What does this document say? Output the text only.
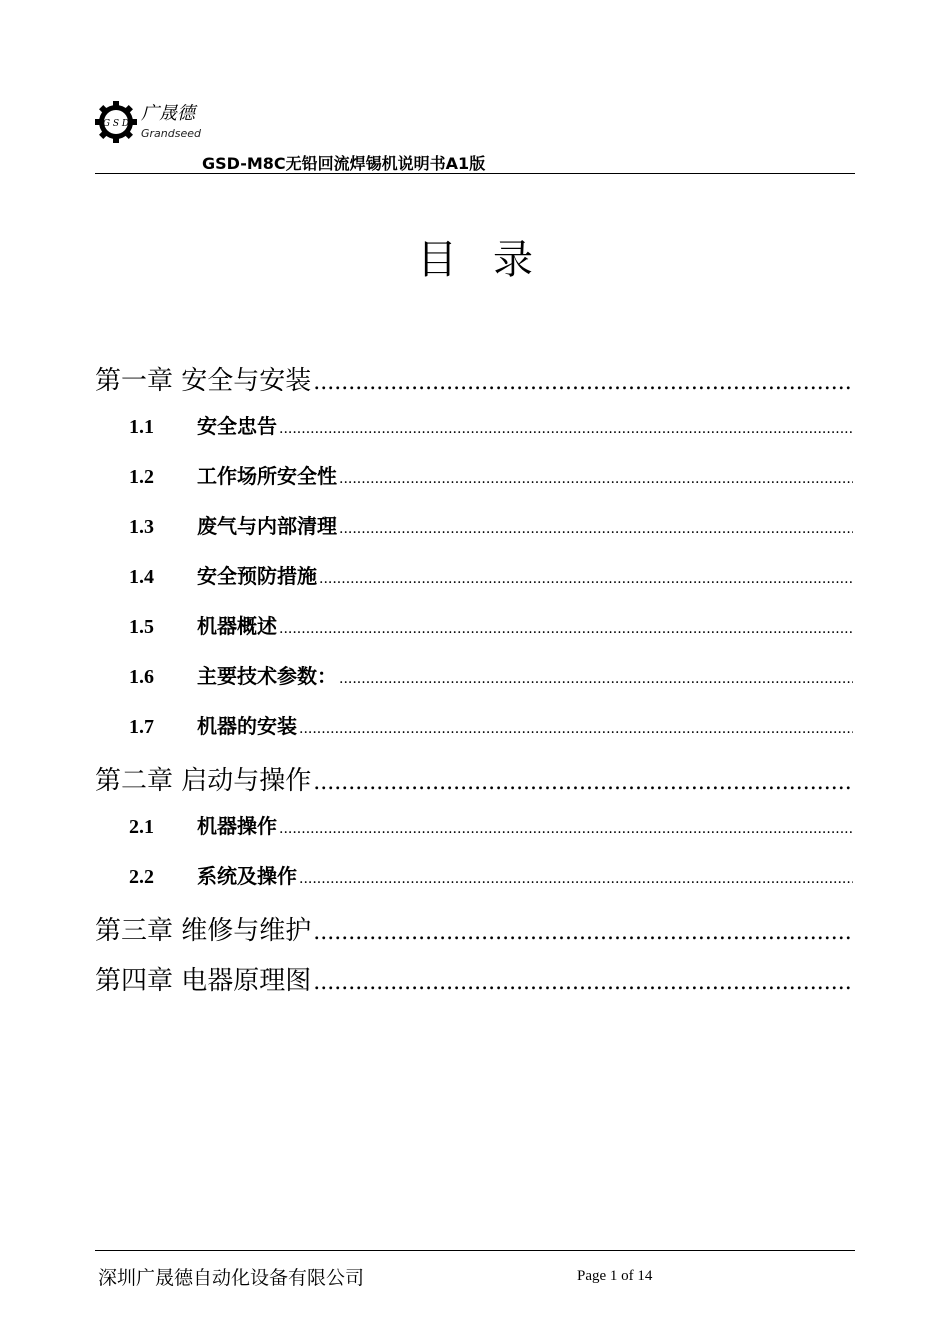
G S D 广晟德
Grandseed
GSD-M8C无铅回流焊锡机说明书A1版
目录
第一章 安全与安装
.....
1.1	安全忠告
.....
1.2	工作场所安全性
.....
1.3	废气与内部清理
.....
1.4	安全预防措施
.....
1.5	机器概述
.....
1.6	主要技术参数：
.....
1.7	机器的安装
.....
第二章 启动与操作
.....
2.1	机器操作
.....
2.2	系统及操作
.....
第三章 维修与维护
.....
第四章 电器原理图
.....
深圳广晟德自动化设备有限公司	Page 1 of 14
